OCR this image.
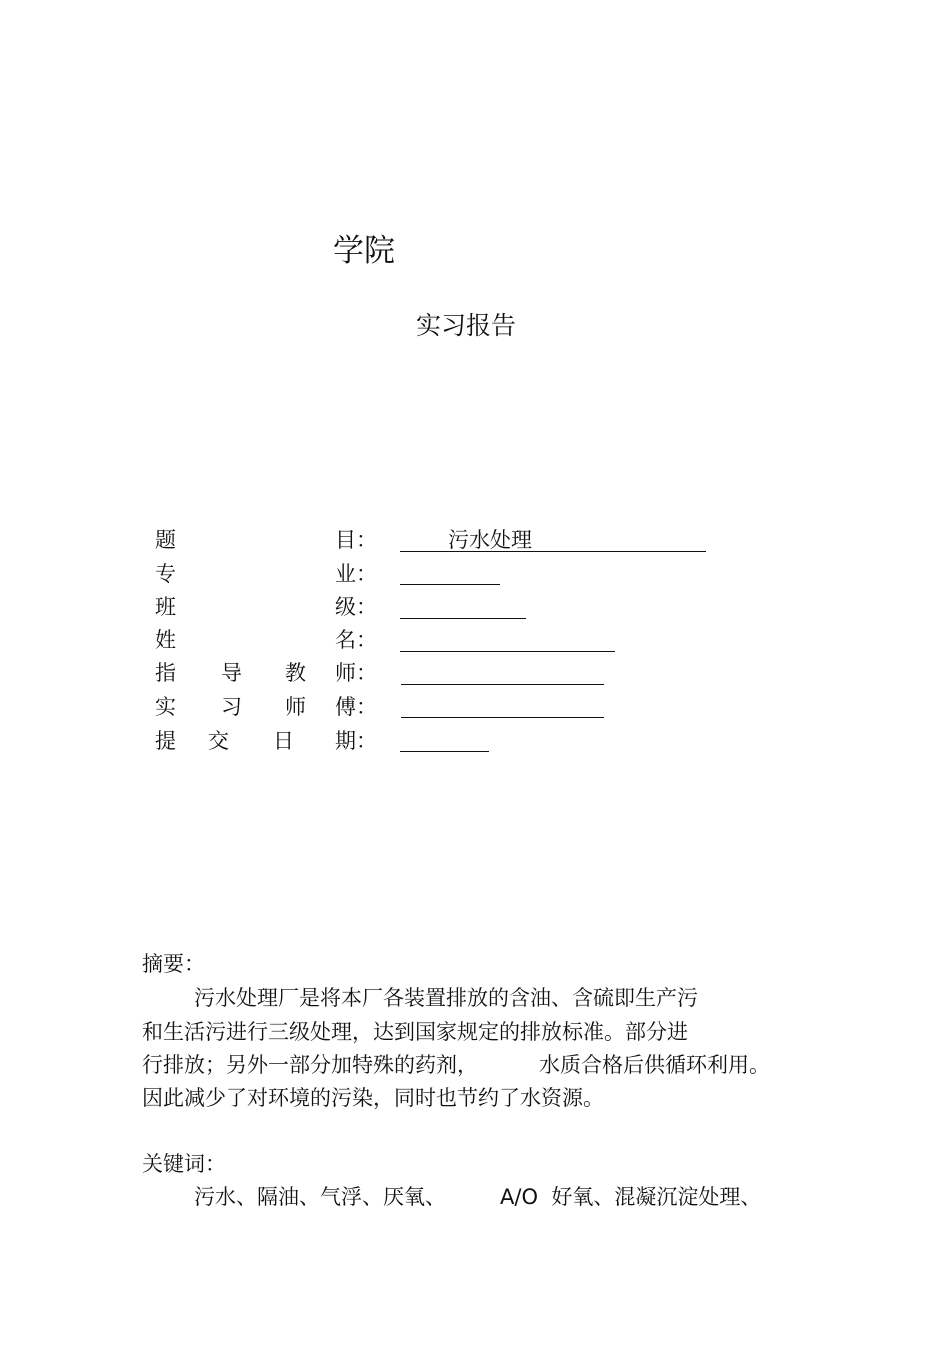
学院
实习报告
题	目 ：	污水处理
专	业 ：
班	级 ：
姓	名 ：
指 导 教 师 ：
实 习 师 傅 ：
提 交 日 期 ：
摘要：
污水处理厂是将本厂各装置排放的含油、含硫即生产污
和生活污进行三级处理，达到国家规定的排放标准。部分进
行排放；另外一部分加特殊的药剂，	水质合格后供循环利用。
因此减少了对环境的污染，同时也节约了水资源。
关键词：
污水、隔油、气浮、厌氧、	A/O  好氧、混凝沉淀处理、
